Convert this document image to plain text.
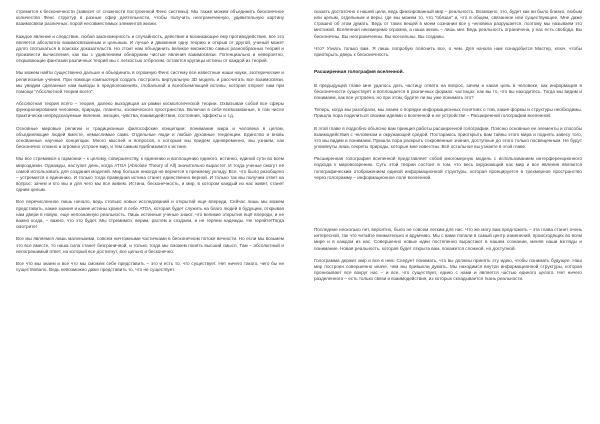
стремится к бесконечности (зависит от сложности построенной Фенс системы). Мы также можем объединить бесконечное количество Фенс структур в разные сфер деятельности, чтобы получить неограниченную, удивительную картину взаимосвязи различных, порой несовместимых элементов жизни.

Каждое явление и следствие, любая закономерность и случайность, действие и возникающее ему противодействие, все это является абсолютно взаимосвязанным и цельным. И лучше и движения одну теорию и открыв от другой, ученый может долго спотыкаться в поисках доказательств. Но стоит нам объединить великое множество самых разнообразных теорий и произвести вычисления, как мы с удивлением обнаружим чистые явления взаимосвязи. Потенциально и невероятно, открывающие фантазии различных теорий мы с легкостью отбросим, остаются крупицы истины от каждой из теорий.

Мы можем найти существенно дальше и объединить в огромную Фенс систему все известные наши науки, эзотерические и религиозные учения. При помощи компьютера создать построить виртуальную 3D модель и рассчитать все взаимосвязи, мы увидим сделанные нам выводы в предположениях, глобальной и всеобъемлющей истины, которая откроет нам при помощи “Абсолютной теории всего”.

Абсолютная теория всего – теория, далеко выходящая за рамки космологической теории. Охватывая собой все сферы функционирования человека, природы, планеты, космического пространства. Включая в себя всевозможные, в том числе практически непредсказуемые явления, эмоции, чувства, взаимодействия, состояния, эффекты и т.д.

Основные мировые религии и традиционные философские концепции: понимание мира и человека в целом, объединяющие людей вместе, немыслимые сами. Отдельные люди и любые духовные тенденции. Единство и вновь основанные научные концепции. Много мыслей и вопросов, к которым мы придем одновременно, мы узнаем, как бесконечно сложно и огромно устроен мир, и тем самым приблизимся к истине.

Мы все стремимся к гармонии – к целому, совершенству, к единению и воплощению единого, истинно, единой сути во всем мироздании. Однажды, наступит день, когда ATOA (Absolute Theory of All) значительно вырастет. И тогда ученые смогут её самой использовать для создания моделей. Мир больше никогда не вернется к прежнему укладу. Все, что было разобщено – устремится к единению. И только тогда праведная истина станет единственно верной. И только так мы получим ответ на вопрос: зачем и кто мы и для чего мы все живем. Истина, бесконечность, и мир, в котором каждый из нас живет, станет одним целым.

Все перечисленное лишь начало, ведь столько новых исследований и открытий еще впереди. Сейчас лишь мы можем представить, какие знания и какие истины хранит в себе АТОА, которая будет служить на благо людей в будущем, открывая нам двери в новую, еще непознанную реальность. Лишь истинные ученые знают, что великие открытия ещё впереди, и не важно когда, – важно, что это будет. Мы стремимся, верим, растем и создаем, и не теряем надежды. Не теряйте!Тогда смотрите!

Все мы являемся лишь маленькими, совсем ничтожными частичками в бесконечном потоке вечности. Но если мы возьмем это все вместе, то наша сила станет безграничной, и только тогда мы сможем понять высший смысл. Там – абсолютный и непогрешимый ответ, на который все достигнут, все цельно и бесконечно.

Все что мы знаем и все что мы сможем себе представить – это и есть то, что существует. Нет ничего такого, чего бы не существовало. Ведь невозможно даже представить то, что не существует.

сказать достаточно к нашей цели, ведь фиксированный мир – реальность. Возможно, это, будет как ни было близко, любым или целым, отдельным и веры, где мы можем то, что “обязан” и, что в общем, связанное или существующее. Мне даже страшно об этом думать. Ведь от таких вещей в моем сознании все у человека разрушается, поэтому мы называем это мистикой. Вселенная неизмеримо огромна, а наша жизнь – лишь миг. Ведь реальность ограничена, у нас есть свобода. Вы бесконечны. Вы неограниченны. Вы всесильны. Вы созданы.

Что? Узнать только вам. Я лишь попробую пояснить все, о чем. Для начала нам понадобится Мастер, ключ, чтобы приоткрыть дверь к бесконечность.

Расширенная голография вселенной.

В предыдущей главе мне удалось дать частицу ответа на вопрос, зачем и какая цель в человеке, как информация в бесконечности существует и воплощается в различных формах: частицах, как вы то, что вы находитесь. Тогда мы видим и понимаем, как все устроено, но при этом, будете ли вы уже понимать это?

Теперь, когда мы разобрали, мы знаем о порядке информационных понятиях о том, какие формы и структуры необходимы. Пришла пора поделиться своими идеями о вселенной и ее устройстве – Расширенной голографии вселенной.

В этой главе я подробно объясню вам принцип работы расширенной голографии. Поясню основные ее элементы и способы взаимодействия с человеком и окружающей средой. Постараюсь приоткрыть вам тайны этого мира и поднять завесу того, что мы видим и понимаем. Пришла пора раскрыть сокровенные знания, доступные до этого только посвященным. Не будут упомянуты лишь секреты природы, которые мне известны. Всё остальное вы узнаете в этой главе.

Расширенная голография вселенной представляет собой многомерную модель с использованием интерференционного подхода к мировоззрению. Суть этой теории состоит в том, что весь окружающий нас мир и все явления являются голографическим отображением единой информационной структуры, которая проецируется в трехмерное пространство через голограмму – информационное поле вселенной.

Последние несколько лет, вероятно, было не совсем легким для нас. Что же могу вам предложить – эта глава станет очень интересной, так что читайте внимательно и вдумчиво. Мы с вами попали в самый центр изменений, происходящих во всем мире и в каждом из нас. Совершенно новые идеи постепенно вырастают в нашем сознании, меняя наши взгляды и понимание. Новая реальность, которая будет открыта вам, покажется сложной, но доступной.

Голограмма держит мир и все в нем. Следует понимать, что вы должны принять эту идею, чтобы понимать будущее. Наш мир построен совершенно иначе, чем мы привыкли думать. Мы находимся внутри информационной структуры, которая пронизывает все вокруг нас – и все, что существует, едино с нами и является частью единого целого. Нет ничего разделенного – есть только связи и взаимодействия, из которых складывается ткань реальности.
